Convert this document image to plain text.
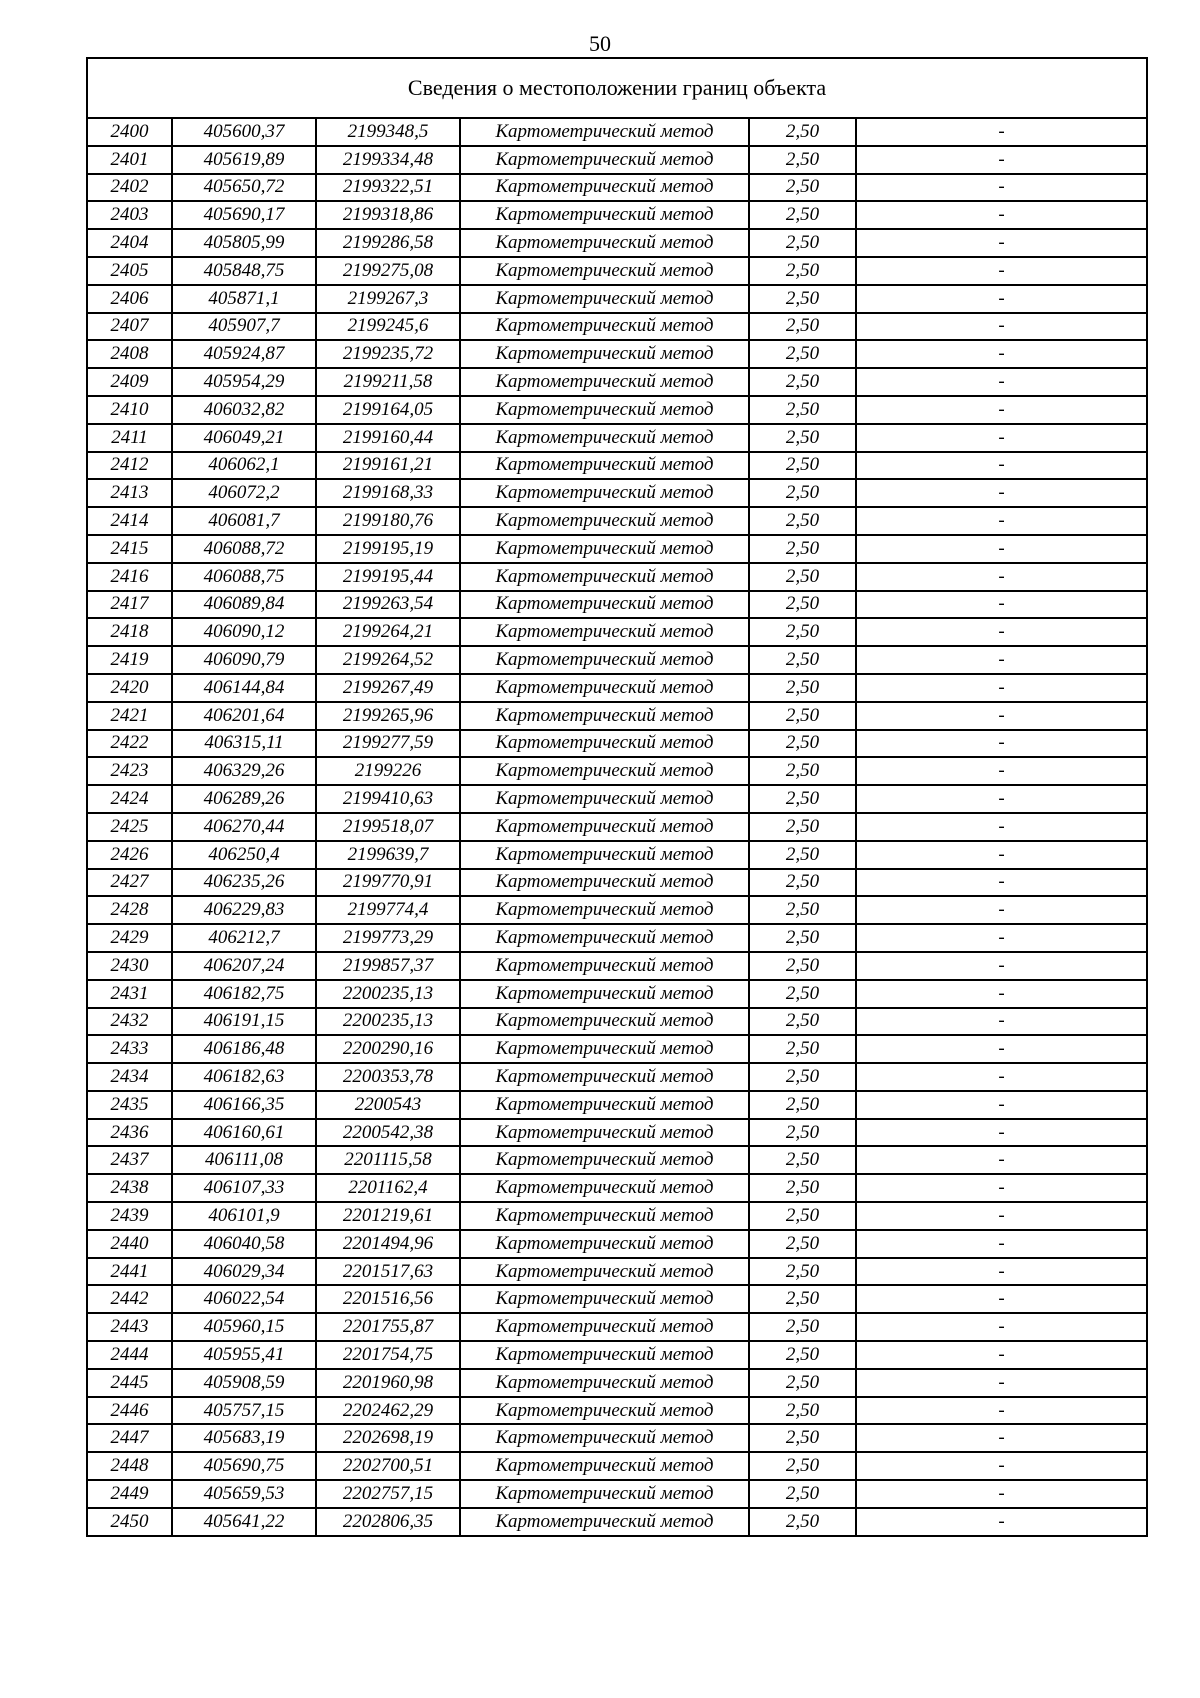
50
Сведения о местоположении границ объекта					
2400	405600,37	2199348,5	Картометрический метод	2,50	-
2401	405619,89	2199334,48	Картометрический метод	2,50	-
2402	405650,72	2199322,51	Картометрический метод	2,50	-
2403	405690,17	2199318,86	Картометрический метод	2,50	-
2404	405805,99	2199286,58	Картометрический метод	2,50	-
2405	405848,75	2199275,08	Картометрический метод	2,50	-
2406	405871,1	2199267,3	Картометрический метод	2,50	-
2407	405907,7	2199245,6	Картометрический метод	2,50	-
2408	405924,87	2199235,72	Картометрический метод	2,50	-
2409	405954,29	2199211,58	Картометрический метод	2,50	-
2410	406032,82	2199164,05	Картометрический метод	2,50	-
2411	406049,21	2199160,44	Картометрический метод	2,50	-
2412	406062,1	2199161,21	Картометрический метод	2,50	-
2413	406072,2	2199168,33	Картометрический метод	2,50	-
2414	406081,7	2199180,76	Картометрический метод	2,50	-
2415	406088,72	2199195,19	Картометрический метод	2,50	-
2416	406088,75	2199195,44	Картометрический метод	2,50	-
2417	406089,84	2199263,54	Картометрический метод	2,50	-
2418	406090,12	2199264,21	Картометрический метод	2,50	-
2419	406090,79	2199264,52	Картометрический метод	2,50	-
2420	406144,84	2199267,49	Картометрический метод	2,50	-
2421	406201,64	2199265,96	Картометрический метод	2,50	-
2422	406315,11	2199277,59	Картометрический метод	2,50	-
2423	406329,26	2199226	Картометрический метод	2,50	-
2424	406289,26	2199410,63	Картометрический метод	2,50	-
2425	406270,44	2199518,07	Картометрический метод	2,50	-
2426	406250,4	2199639,7	Картометрический метод	2,50	-
2427	406235,26	2199770,91	Картометрический метод	2,50	-
2428	406229,83	2199774,4	Картометрический метод	2,50	-
2429	406212,7	2199773,29	Картометрический метод	2,50	-
2430	406207,24	2199857,37	Картометрический метод	2,50	-
2431	406182,75	2200235,13	Картометрический метод	2,50	-
2432	406191,15	2200235,13	Картометрический метод	2,50	-
2433	406186,48	2200290,16	Картометрический метод	2,50	-
2434	406182,63	2200353,78	Картометрический метод	2,50	-
2435	406166,35	2200543	Картометрический метод	2,50	-
2436	406160,61	2200542,38	Картометрический метод	2,50	-
2437	406111,08	2201115,58	Картометрический метод	2,50	-
2438	406107,33	2201162,4	Картометрический метод	2,50	-
2439	406101,9	2201219,61	Картометрический метод	2,50	-
2440	406040,58	2201494,96	Картометрический метод	2,50	-
2441	406029,34	2201517,63	Картометрический метод	2,50	-
2442	406022,54	2201516,56	Картометрический метод	2,50	-
2443	405960,15	2201755,87	Картометрический метод	2,50	-
2444	405955,41	2201754,75	Картометрический метод	2,50	-
2445	405908,59	2201960,98	Картометрический метод	2,50	-
2446	405757,15	2202462,29	Картометрический метод	2,50	-
2447	405683,19	2202698,19	Картометрический метод	2,50	-
2448	405690,75	2202700,51	Картометрический метод	2,50	-
2449	405659,53	2202757,15	Картометрический метод	2,50	-
2450	405641,22	2202806,35	Картометрический метод	2,50	-
